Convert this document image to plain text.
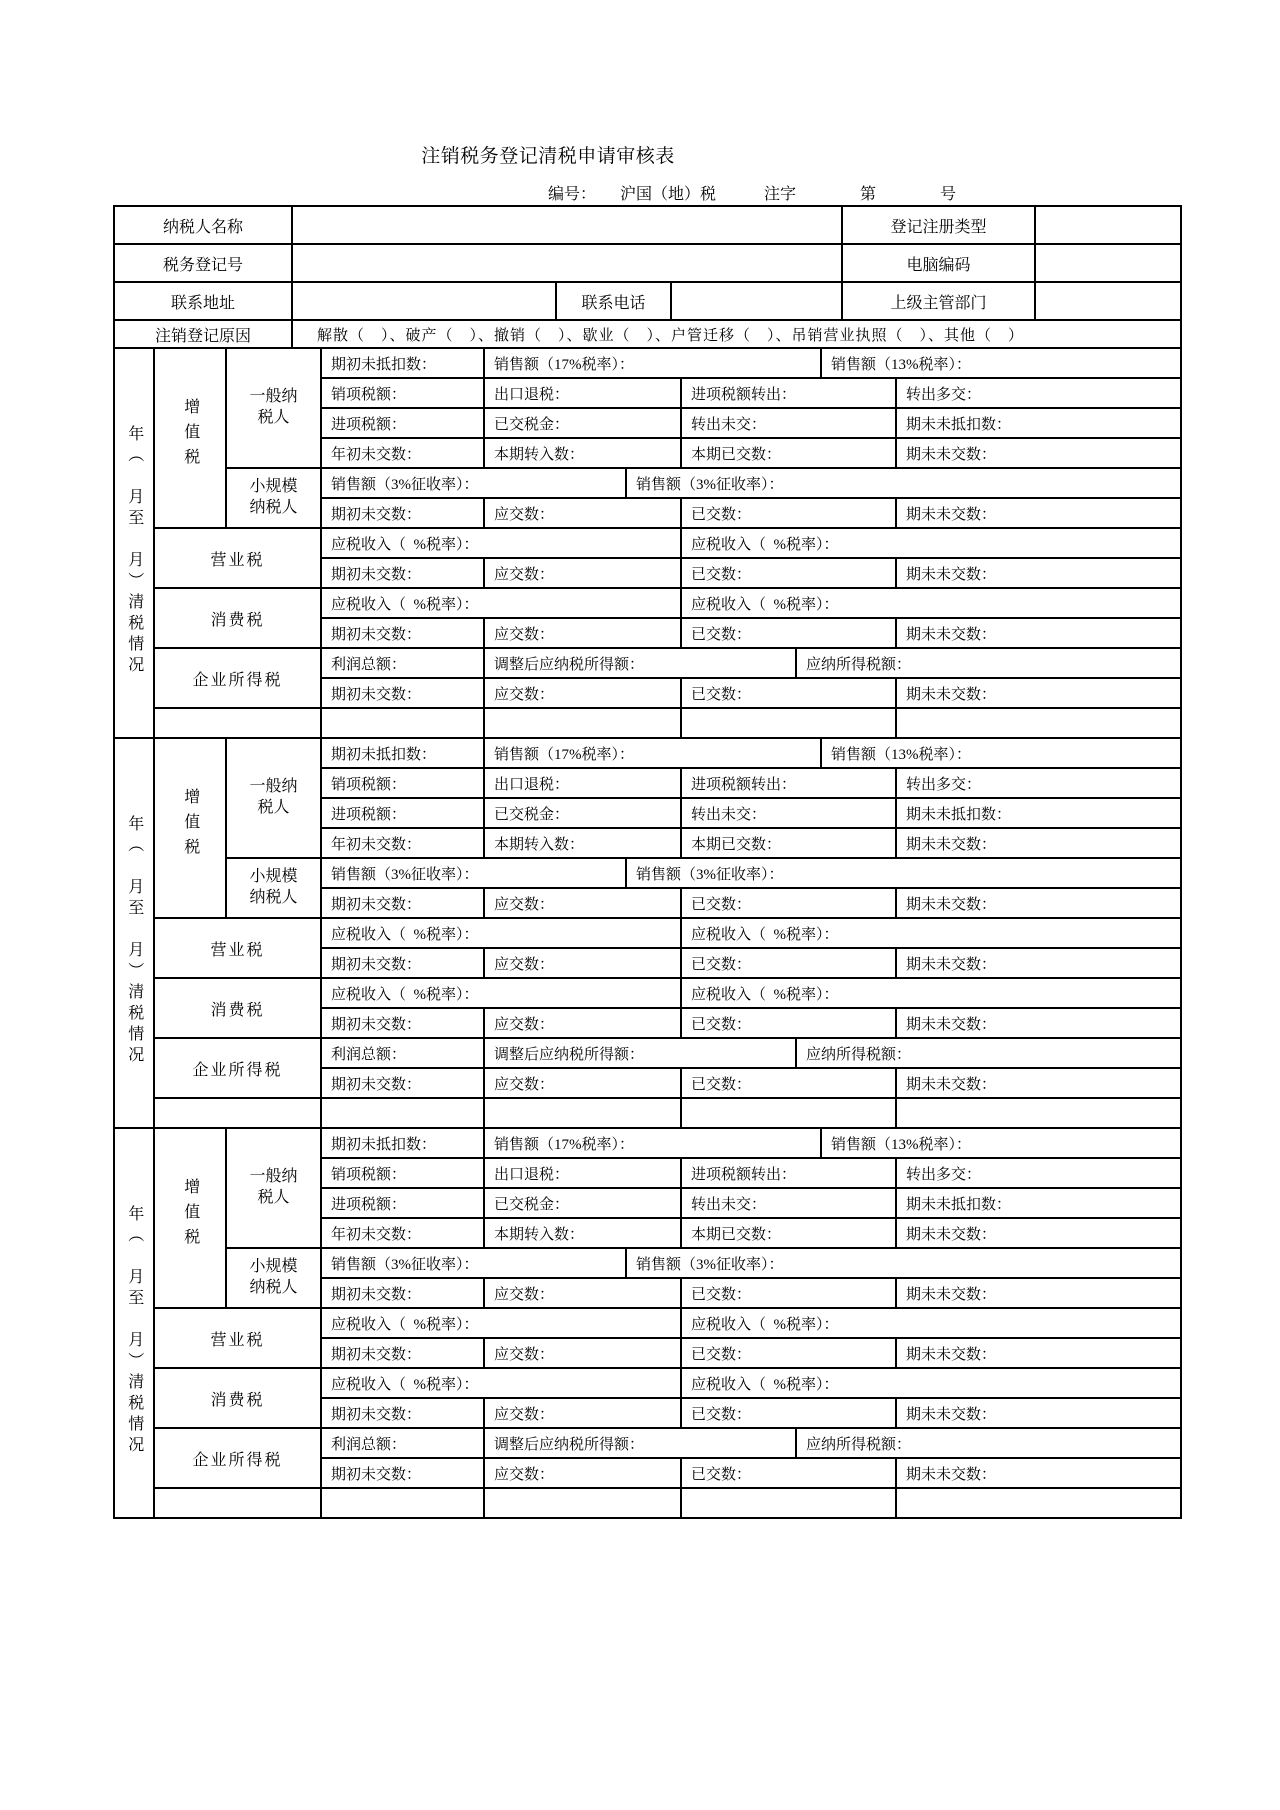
注销税务登记清税申请审核表
编号：　　沪国（地）税　　　注字　　　　第　　　　号
纳税人名称				登记注册类型	
税务登记号				电脑编码	
联系地址		联系电话		上级主管部门	
注销登记原因	解散（　）、破产（　）、撤销（　）、歇业（　）、户管迁移（　）、吊销营业执照（　）、其他（　）				
　年（　月至　月）清税情况	增值税	一般纳税人	期初未抵扣数：	销售额（17%税率）：				销售额（13%税率）：	
			销项税额：	出口退税：		进项税额转出：			转出多交：
			进项税额：	已交税金：		转出未交：			期未未抵扣数：
			年初未交数：	本期转入数：		本期已交数：			期未未交数：

		小规模纳税人	销售额（3%征收率）：		销售额（3%征收率）：				
			期初未交数：	应交数：		已交数：			期未未交数：
	营业税		应税收入（  %税率）：			应税收入（  %税率）：			
			期初未交数：	应交数：		已交数：			期未未交数：
	消费税		应税收入（  %税率）：			应税收入（  %税率）：			
			期初未交数：	应交数：		已交数：			期未未交数：
	企业所得税		利润总额：	调整后应纳税所得额：			应纳所得税额：		
			期初未交数：	应交数：		已交数：			期未未交数：

　年（　月至　月）清税情况	增值税	一般纳税人	期初未抵扣数：	销售额（17%税率）：				销售额（13%税率）：	
			销项税额：	出口退税：		进项税额转出：			转出多交：
			进项税额：	已交税金：		转出未交：			期未未抵扣数：
			年初未交数：	本期转入数：		本期已交数：			期未未交数：

		小规模纳税人	销售额（3%征收率）：		销售额（3%征收率）：				
			期初未交数：	应交数：		已交数：			期未未交数：
	营业税		应税收入（  %税率）：			应税收入（  %税率）：			
			期初未交数：	应交数：		已交数：			期未未交数：
	消费税		应税收入（  %税率）：			应税收入（  %税率）：			
			期初未交数：	应交数：		已交数：			期未未交数：
	企业所得税		利润总额：	调整后应纳税所得额：			应纳所得税额：		
			期初未交数：	应交数：		已交数：			期未未交数：

　年（　月至　月）清税情况	增值税	一般纳税人	期初未抵扣数：	销售额（17%税率）：				销售额（13%税率）：	
			销项税额：	出口退税：		进项税额转出：			转出多交：
			进项税额：	已交税金：		转出未交：			期未未抵扣数：
			年初未交数：	本期转入数：		本期已交数：			期未未交数：

		小规模纳税人	销售额（3%征收率）：		销售额（3%征收率）：				
			期初未交数：	应交数：		已交数：			期未未交数：
	营业税		应税收入（  %税率）：			应税收入（  %税率）：			
			期初未交数：	应交数：		已交数：			期未未交数：
	消费税		应税收入（  %税率）：			应税收入（  %税率）：			
			期初未交数：	应交数：		已交数：			期未未交数：
	企业所得税		利润总额：	调整后应纳税所得额：			应纳所得税额：		
			期初未交数：	应交数：		已交数：			期未未交数：
